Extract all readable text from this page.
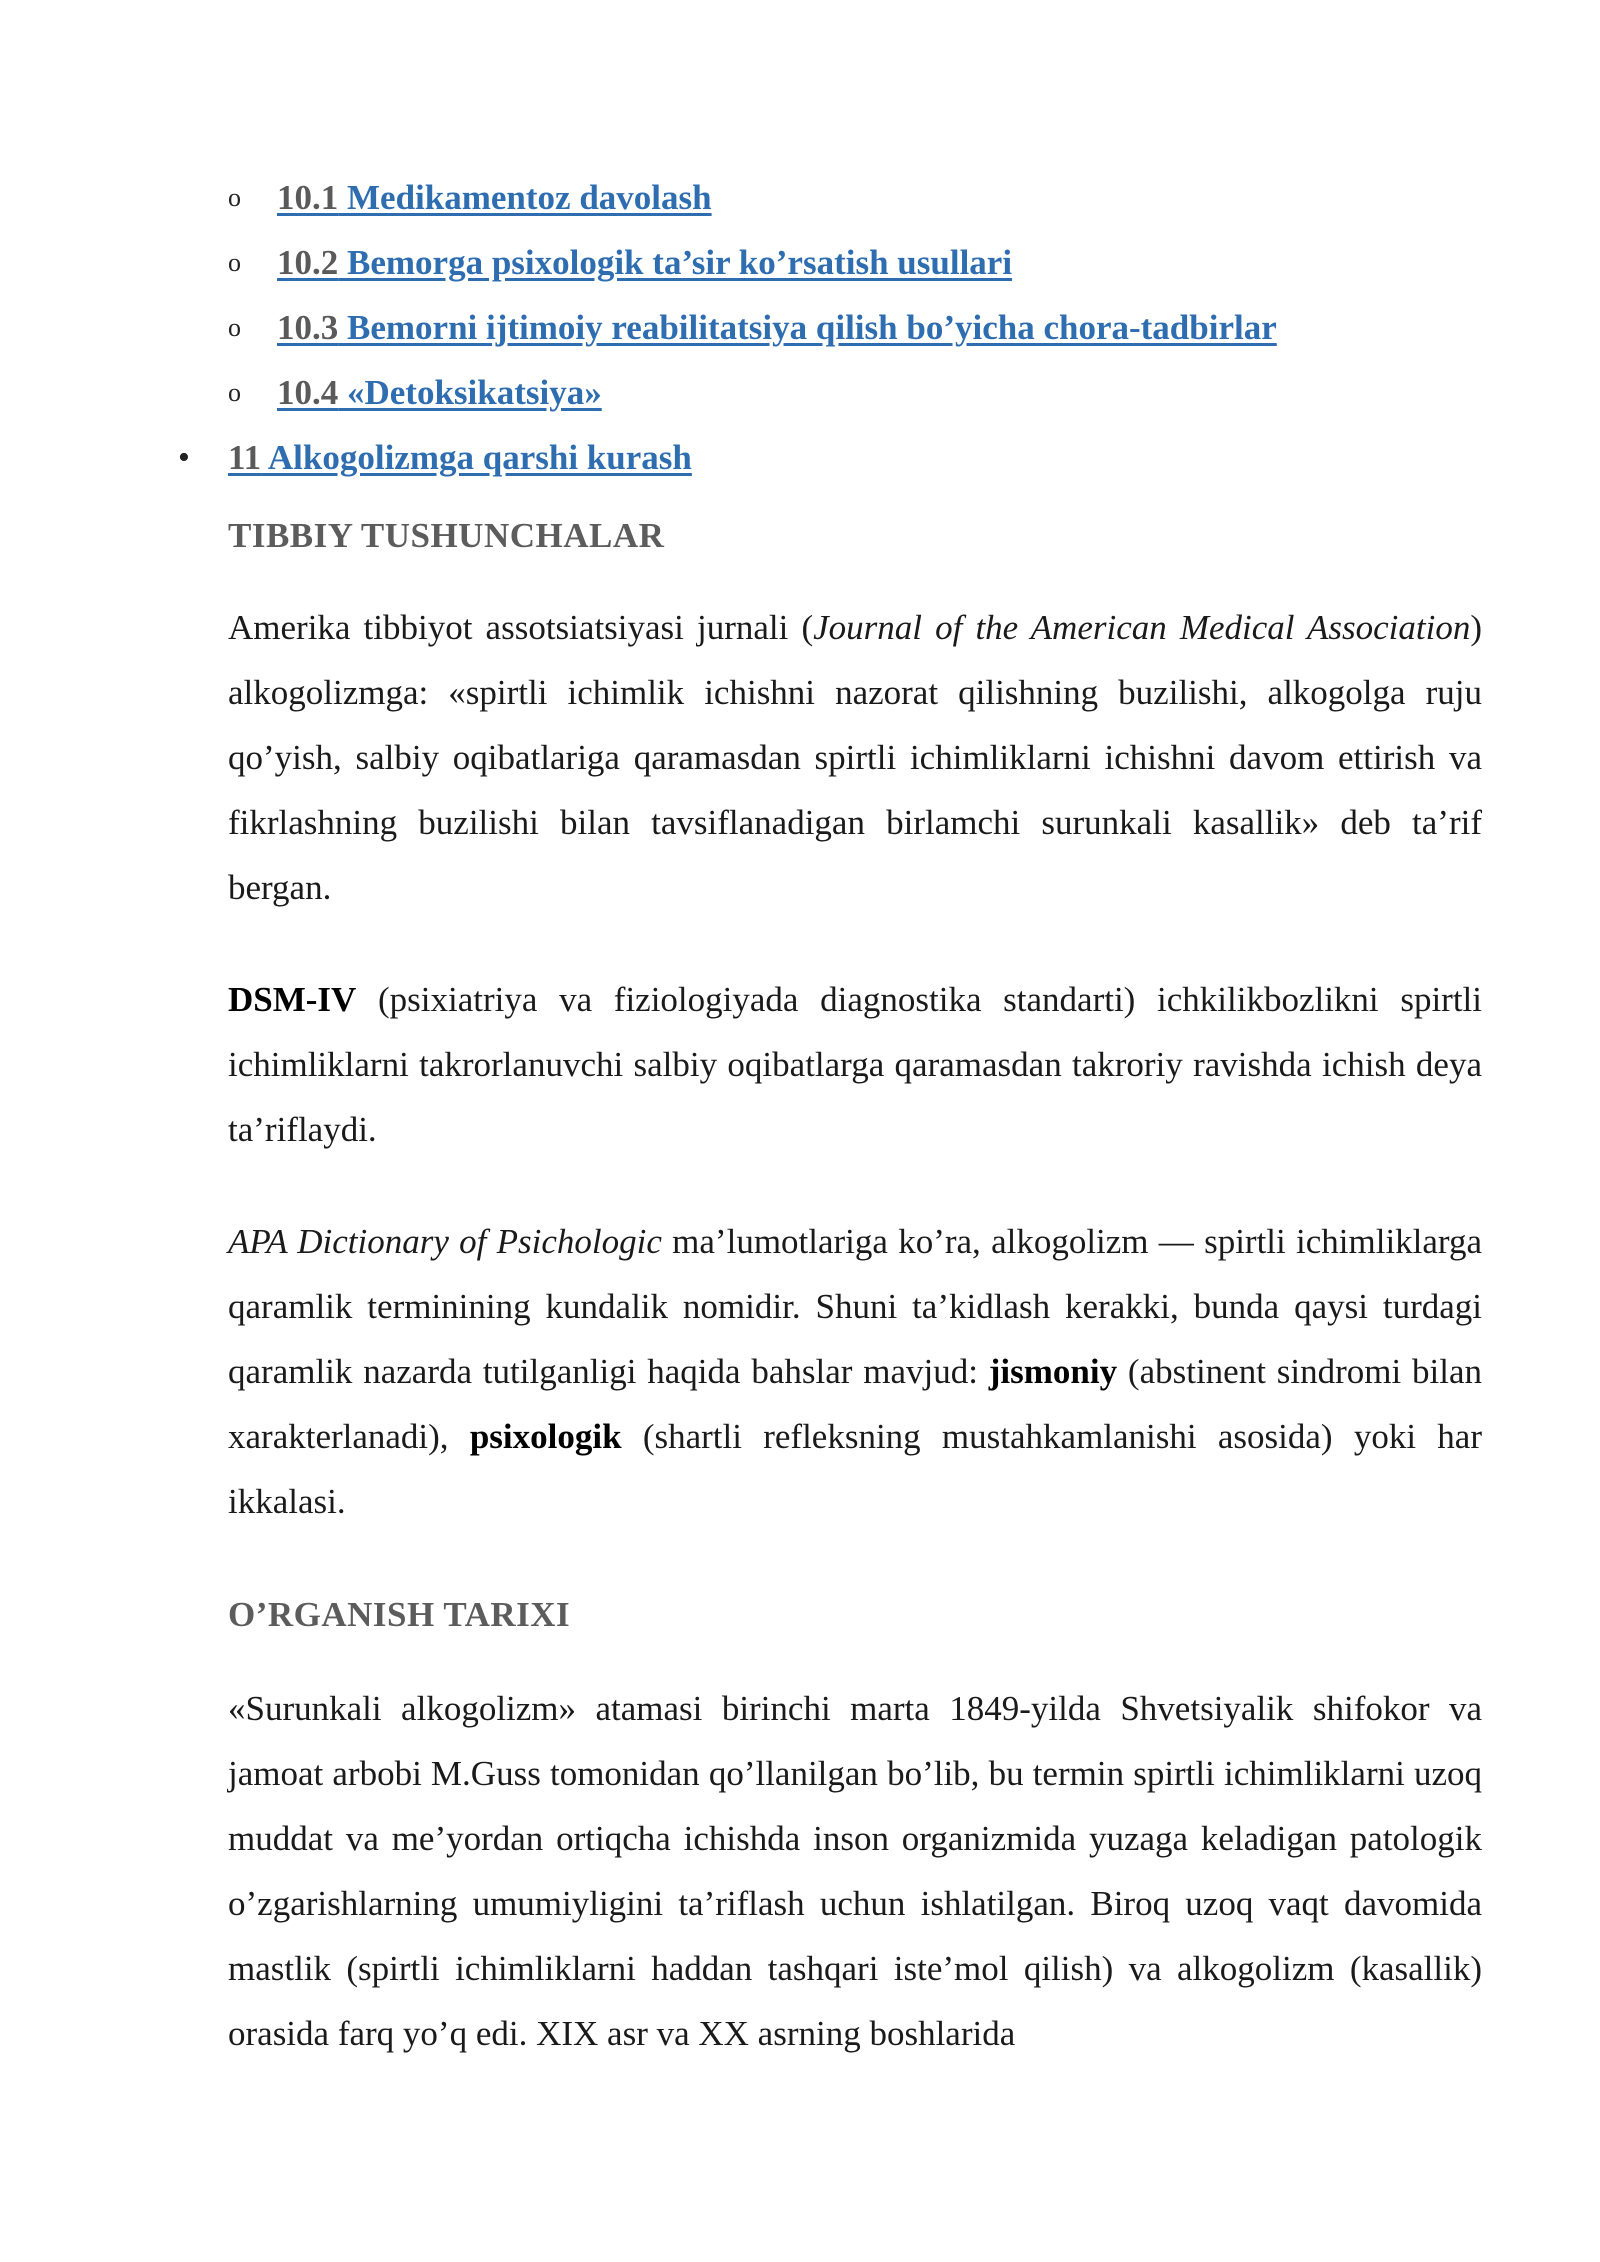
o 10.1 Medikamentoz davolash
o 10.2 Bemorga psixologik ta’sir ko’rsatish usullari
o 10.3 Bemorni ijtimoiy reabilitatsiya qilish bo’yicha chora-tadbirlar
o 10.4 «Detoksikatsiya»
• 11 Alkogolizmga qarshi kurash
TIBBIY TUSHUNCHALAR

Amerika tibbiyot assotsiatsiyasi jurnali (Journal of the American Medical Association) alkogolizmga: «spirtli ichimlik ichishni nazorat qilishning buzilishi, alkogolga ruju qo’yish, salbiy oqibatlariga qaramasdan spirtli ichimliklarni ichishni davom ettirish va fikrlashning buzilishi bilan tavsiflanadigan birlamchi surunkali kasallik» deb ta’rif bergan.

DSM-IV (psixiatriya va fiziologiyada diagnostika standarti) ichkilikbozlikni spirtli ichimliklarni takrorlanuvchi salbiy oqibatlarga qaramasdan takroriy ravishda ichish deya ta’riflaydi.

APA Dictionary of Psichologic ma’lumotlariga ko’ra, alkogolizm — spirtli ichimliklarga qaramlik terminining kundalik nomidir. Shuni ta’kidlash kerakki, bunda qaysi turdagi qaramlik nazarda tutilganligi haqida bahslar mavjud: jismoniy (abstinent sindromi bilan xarakterlanadi), psixologik (shartli refleksning mustahkamlanishi asosida) yoki har ikkalasi.

O’RGANISH TARIXI

«Surunkali alkogolizm» atamasi birinchi marta 1849-yilda Shvetsiyalik shifokor va jamoat arbobi M.Guss tomonidan qo’llanilgan bo’lib, bu termin spirtli ichimliklarni uzoq muddat va me’yordan ortiqcha ichishda inson organizmida yuzaga keladigan patologik o’zgarishlarning umumiyligini ta’riflash uchun ishlatilgan. Biroq uzoq vaqt davomida mastlik (spirtli ichimliklarni haddan tashqari iste’mol qilish) va alkogolizm (kasallik) orasida farq yo’q edi. XIX asr va XX asrning boshlarida
